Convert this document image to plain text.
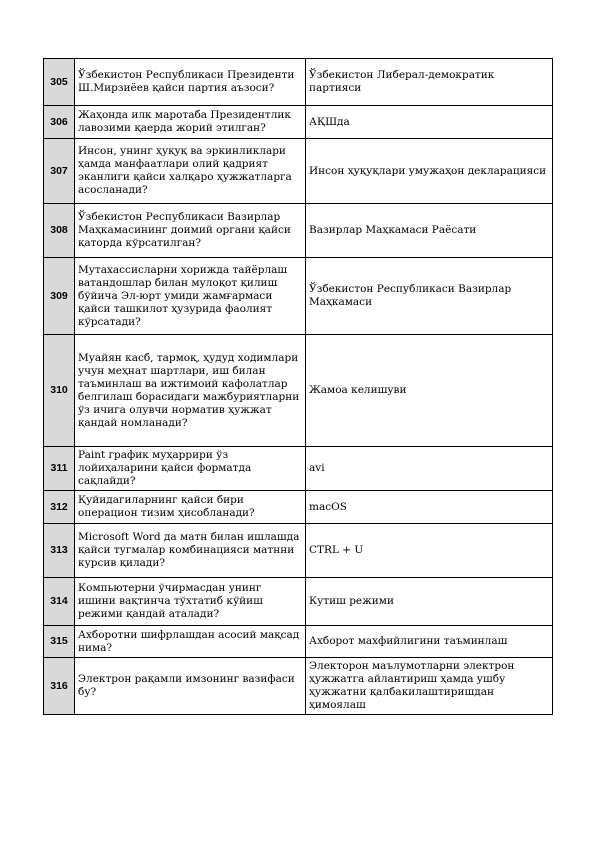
305	Ўзбекистон Республикаси Президенти Ш.Мирзиёев қайси партия аъзоси?	Ўзбекистон Либерал-демократик партияси
306	Жаҳонда илк маротаба Президентлик лавозими қаерда жорий этилган?	АҚШда
307	Инсон, унинг ҳуқуқ ва эркинликлари ҳамда манфаатлари олий қадрият эканлиги қайси халқаро ҳужжатларга асосланади?	Инсон ҳуқуқлари умужаҳон декларацияси
308	Ўзбекистон Республикаси Вазирлар Маҳкамасининг доимий органи қайси қаторда кўрсатилган?	Вазирлар Маҳкамаси Раёсати
309	Мутахассисларни хорижда тайёрлаш ватандошлар билан мулоқот қилиш бўйича Эл-юрт умиди жамғармаси қайси ташкилот ҳузурида фаолият кўрсатади?	Ўзбекистон Республикаси Вазирлар Маҳкамаси
310	Муайян касб, тармоқ, ҳудуд ходимлари учун меҳнат шартлари, иш билан таъминлаш ва ижтимоий кафолатлар белгилаш борасидаги мажбуриятларни ўз ичига олувчи норматив ҳужжат қандай номланади?	Жамоа келишуви
311	Paint график муҳаррири ўз лойиҳаларини қайси форматда сақлайди?	avi
312	Қуйидагиларнинг қайси бири операцион тизим ҳисобланади?	macOS
313	Microsoft Word да матн билан ишлашда қайси тугмалар комбинацияси матнни курсив қилади?	CTRL + U
314	Компьютерни ўчирмасдан унинг ишини вақтинча тўхтатиб кўйиш режими қандай аталади?	Кутиш режими
315	Ахборотни шифрлашдан асосий мақсад нима?	Ахборот махфийлигини таъминлаш
316	Электрон рақамли имзонинг вазифаси бу?	Электорон маълумотларни электрон ҳужжатга айлантириш ҳамда ушбу ҳужжатни қалбакилаштиришдан ҳимоялаш
